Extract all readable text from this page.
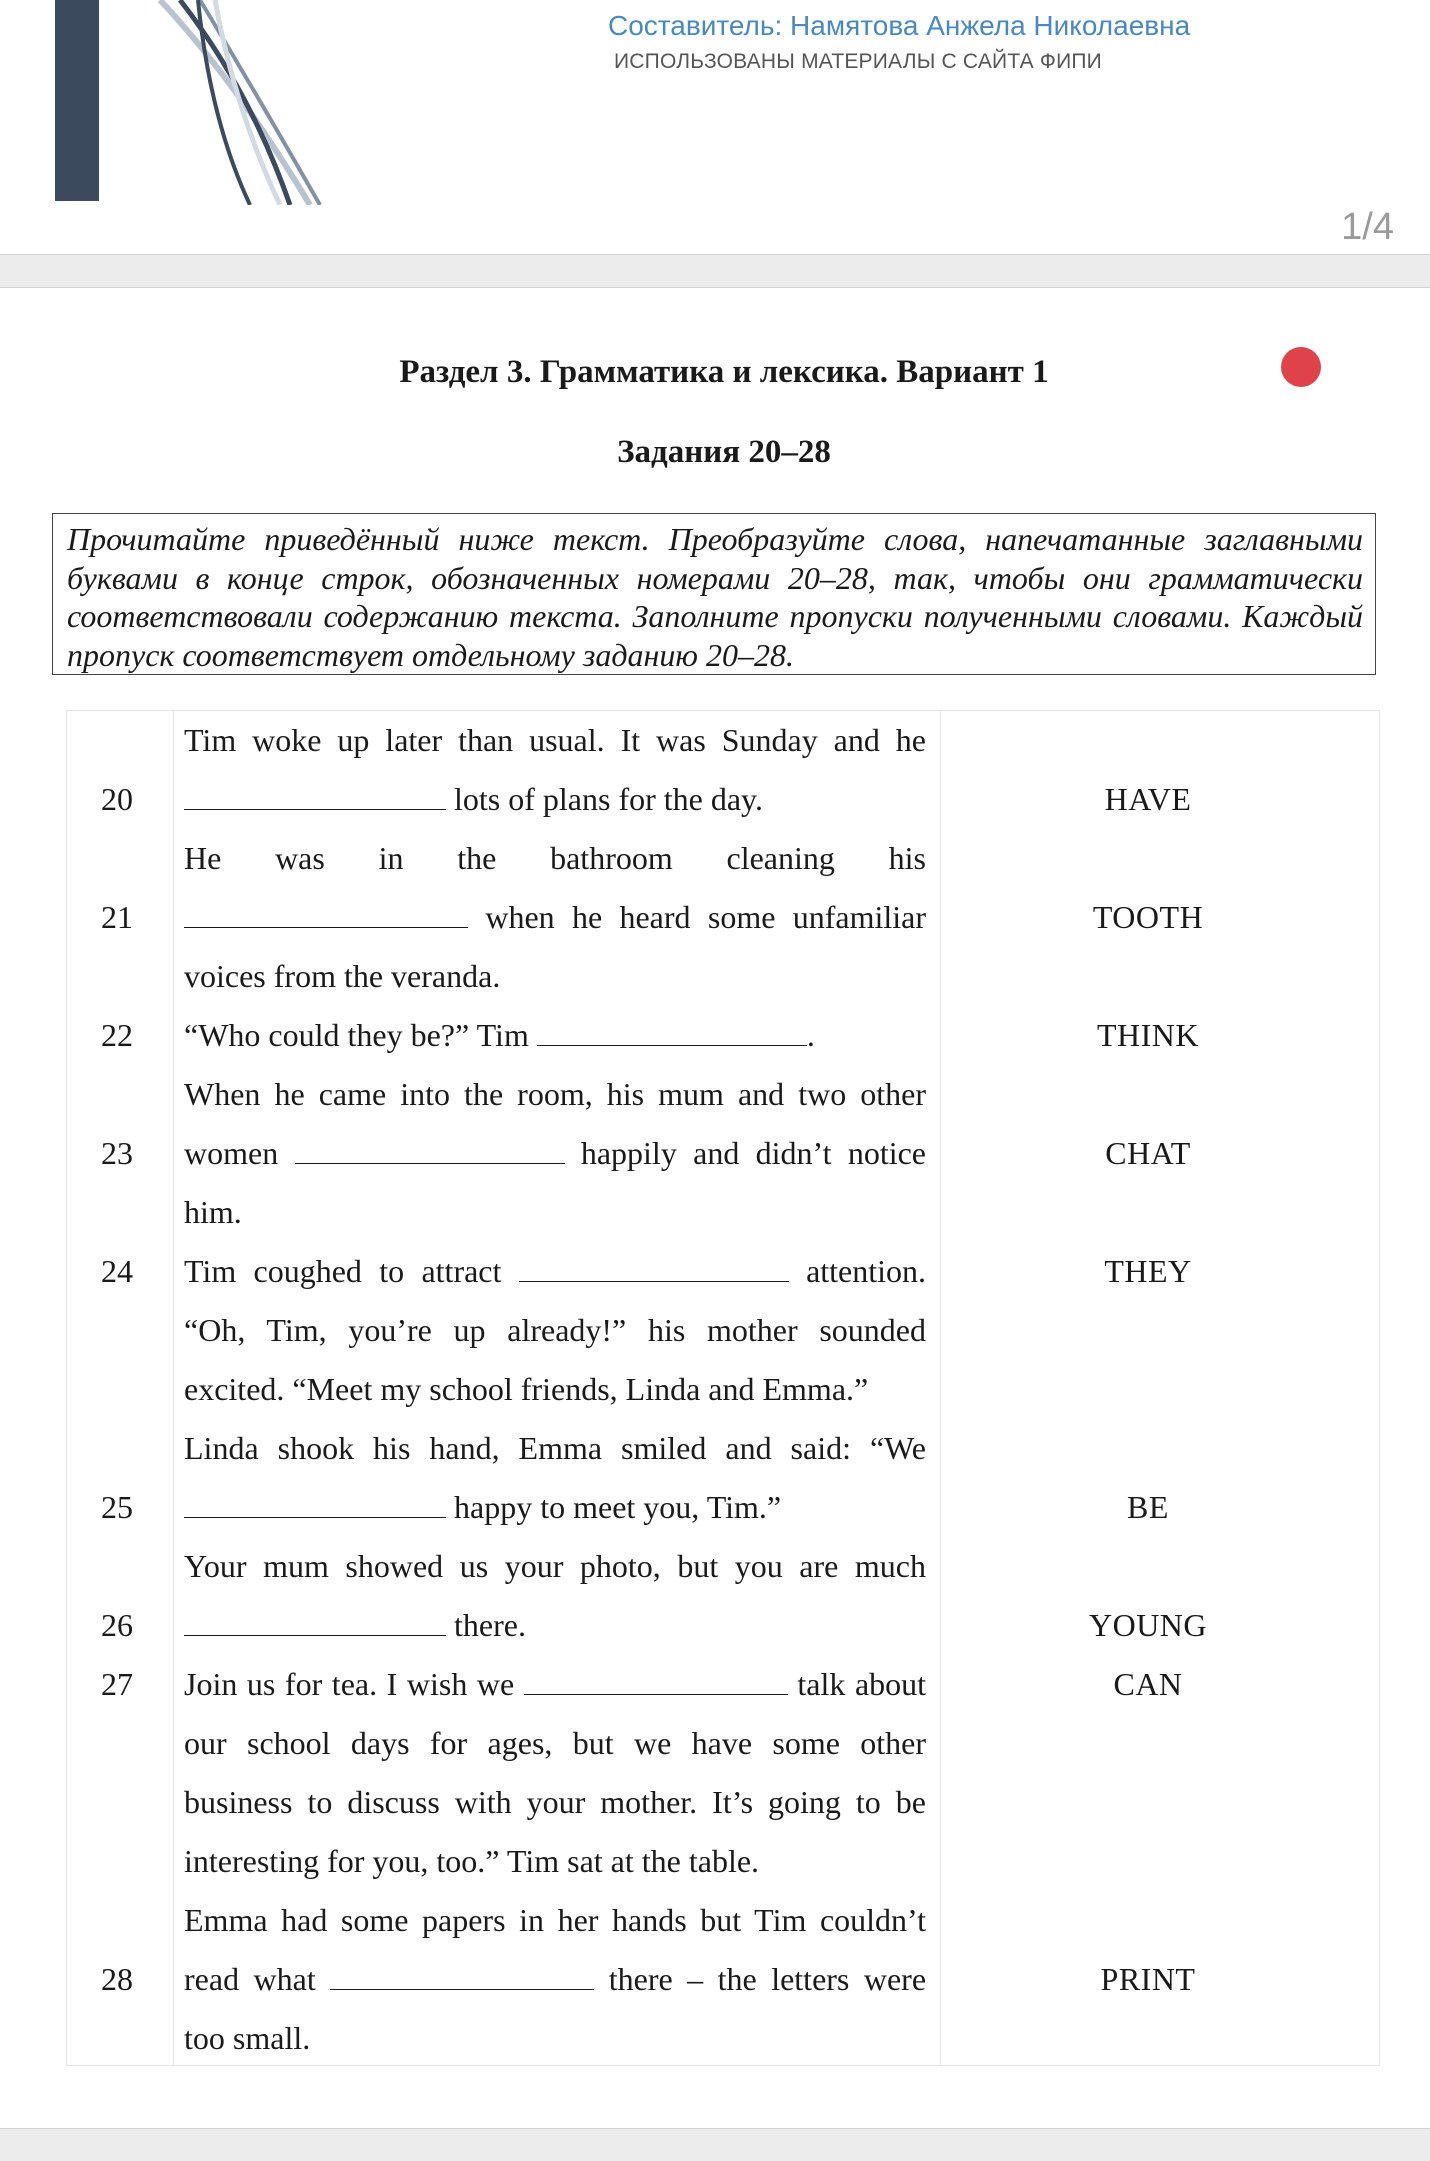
Составитель: Намятова Анжела Николаевна
ИСПОЛЬЗОВАНЫ МАТЕРИАЛЫ С САЙТА ФИПИ
1/4
Раздел 3. Грамматика и лексика. Вариант 1
Задания 20–28
Прочитайте приведённый ниже текст. Преобразуйте слова, напечатанные заглавными буквами в конце строк, обозначенных номерами 20–28, так, чтобы они грамматически соответствовали содержанию текста. Заполните пропуски полученными словами. Каждый пропуск соответствует отдельному заданию 20–28.
Tim woke up later than usual. It was Sunday and he
20	lots of plans for the day.	HAVE
He was in the bathroom cleaning his
21	when he heard some unfamiliar	TOOTH
voices from the veranda.
22 “Who could they be?” Tim	.	THINK
When he came into the room, his mum and two other
23 women	happily and didn’t notice	CHAT
him.
24 Tim coughed to attract	attention.	THEY
“Oh, Tim, you’re up already!” his mother sounded
excited. “Meet my school friends, Linda and Emma.”
Linda shook his hand, Emma smiled and said: “We
25	happy to meet you, Tim.”	BE
Your mum showed us your photo, but you are much
26	there.	YOUNG
27 Join us for tea. I wish we	talk about	CAN
our school days for ages, but we have some other
business to discuss with your mother. It’s going to be
interesting for you, too.” Tim sat at the table.
Emma had some papers in her hands but Tim couldn’t
28 read what	there – the letters were	PRINT
too small.
